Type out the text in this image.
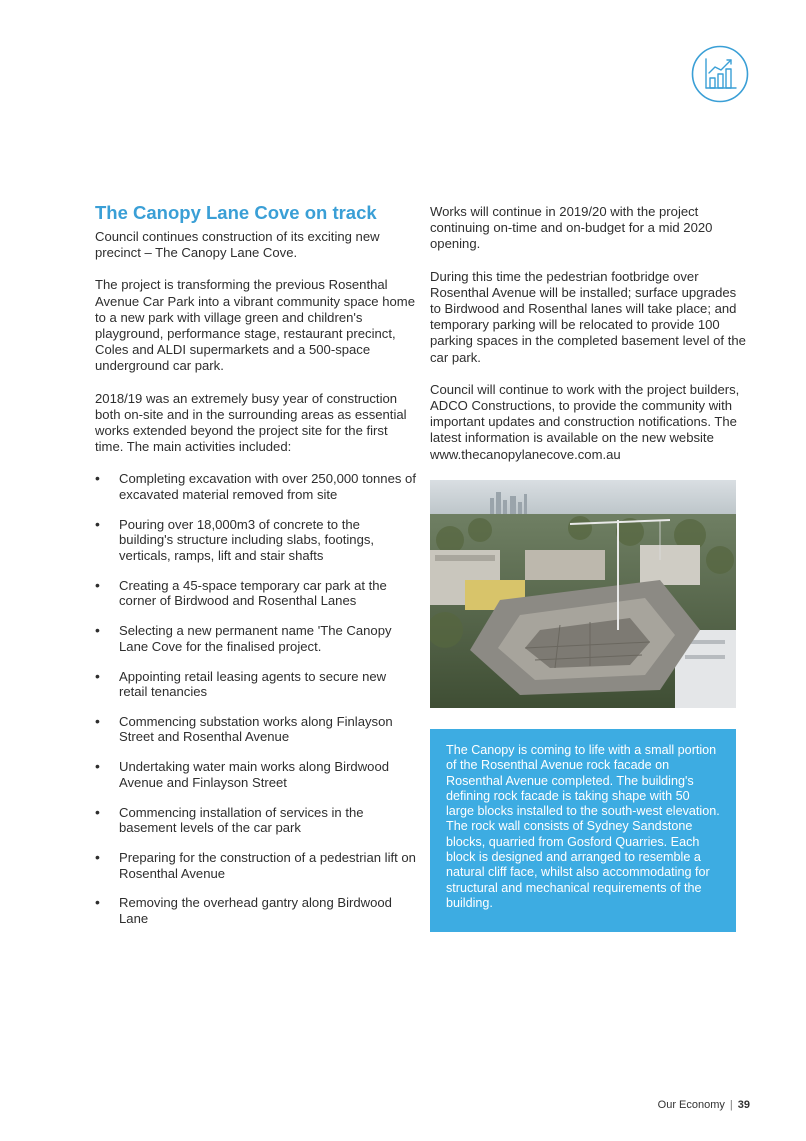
The Canopy Lane Cove on track

Council continues construction of its exciting new precinct – The Canopy Lane Cove.

The project is transforming the previous Rosenthal Avenue Car Park into a vibrant community space home to a new park with village green and children's playground, performance stage, restaurant precinct, Coles and ALDI supermarkets and a 500-space underground car park.

2018/19 was an extremely busy year of construction both on-site and in the surrounding areas as essential works extended beyond the project site for the first time. The main activities included:

• Completing excavation with over 250,000 tonnes of excavated material removed from site
• Pouring over 18,000m3 of concrete to the building's structure including slabs, footings, verticals, ramps, lift and stair shafts
• Creating a 45-space temporary car park at the corner of Birdwood and Rosenthal Lanes
• Selecting a new permanent name 'The Canopy Lane Cove for the finalised project.
• Appointing retail leasing agents to secure new retail tenancies
• Commencing substation works along Finlayson Street and Rosenthal Avenue
• Undertaking water main works along Birdwood Avenue and Finlayson Street
• Commencing installation of services in the basement levels of the car park
• Preparing for the construction of a pedestrian lift on Rosenthal Avenue
• Removing the overhead gantry along Birdwood Lane

Works will continue in 2019/20 with the project continuing on-time and on-budget for a mid 2020 opening.

During this time the pedestrian footbridge over Rosenthal Avenue will be installed; surface upgrades to Birdwood and Rosenthal lanes will take place; and temporary parking will be relocated to provide 100 parking spaces in the completed basement level of the car park.

Council will continue to work with the project builders, ADCO Constructions, to provide the community with important updates and construction notifications. The latest information is available on the new website www.thecanopylanecove.com.au

The Canopy is coming to life with a small portion of the Rosenthal Avenue rock facade on Rosenthal Avenue completed. The building's defining rock facade is taking shape with 50 large blocks installed to the south-west elevation. The rock wall consists of Sydney Sandstone blocks, quarried from Gosford Quarries. Each block is designed and arranged to resemble a natural cliff face, whilst also accommodating for structural and mechanical requirements of the building.

Our Economy | 39
